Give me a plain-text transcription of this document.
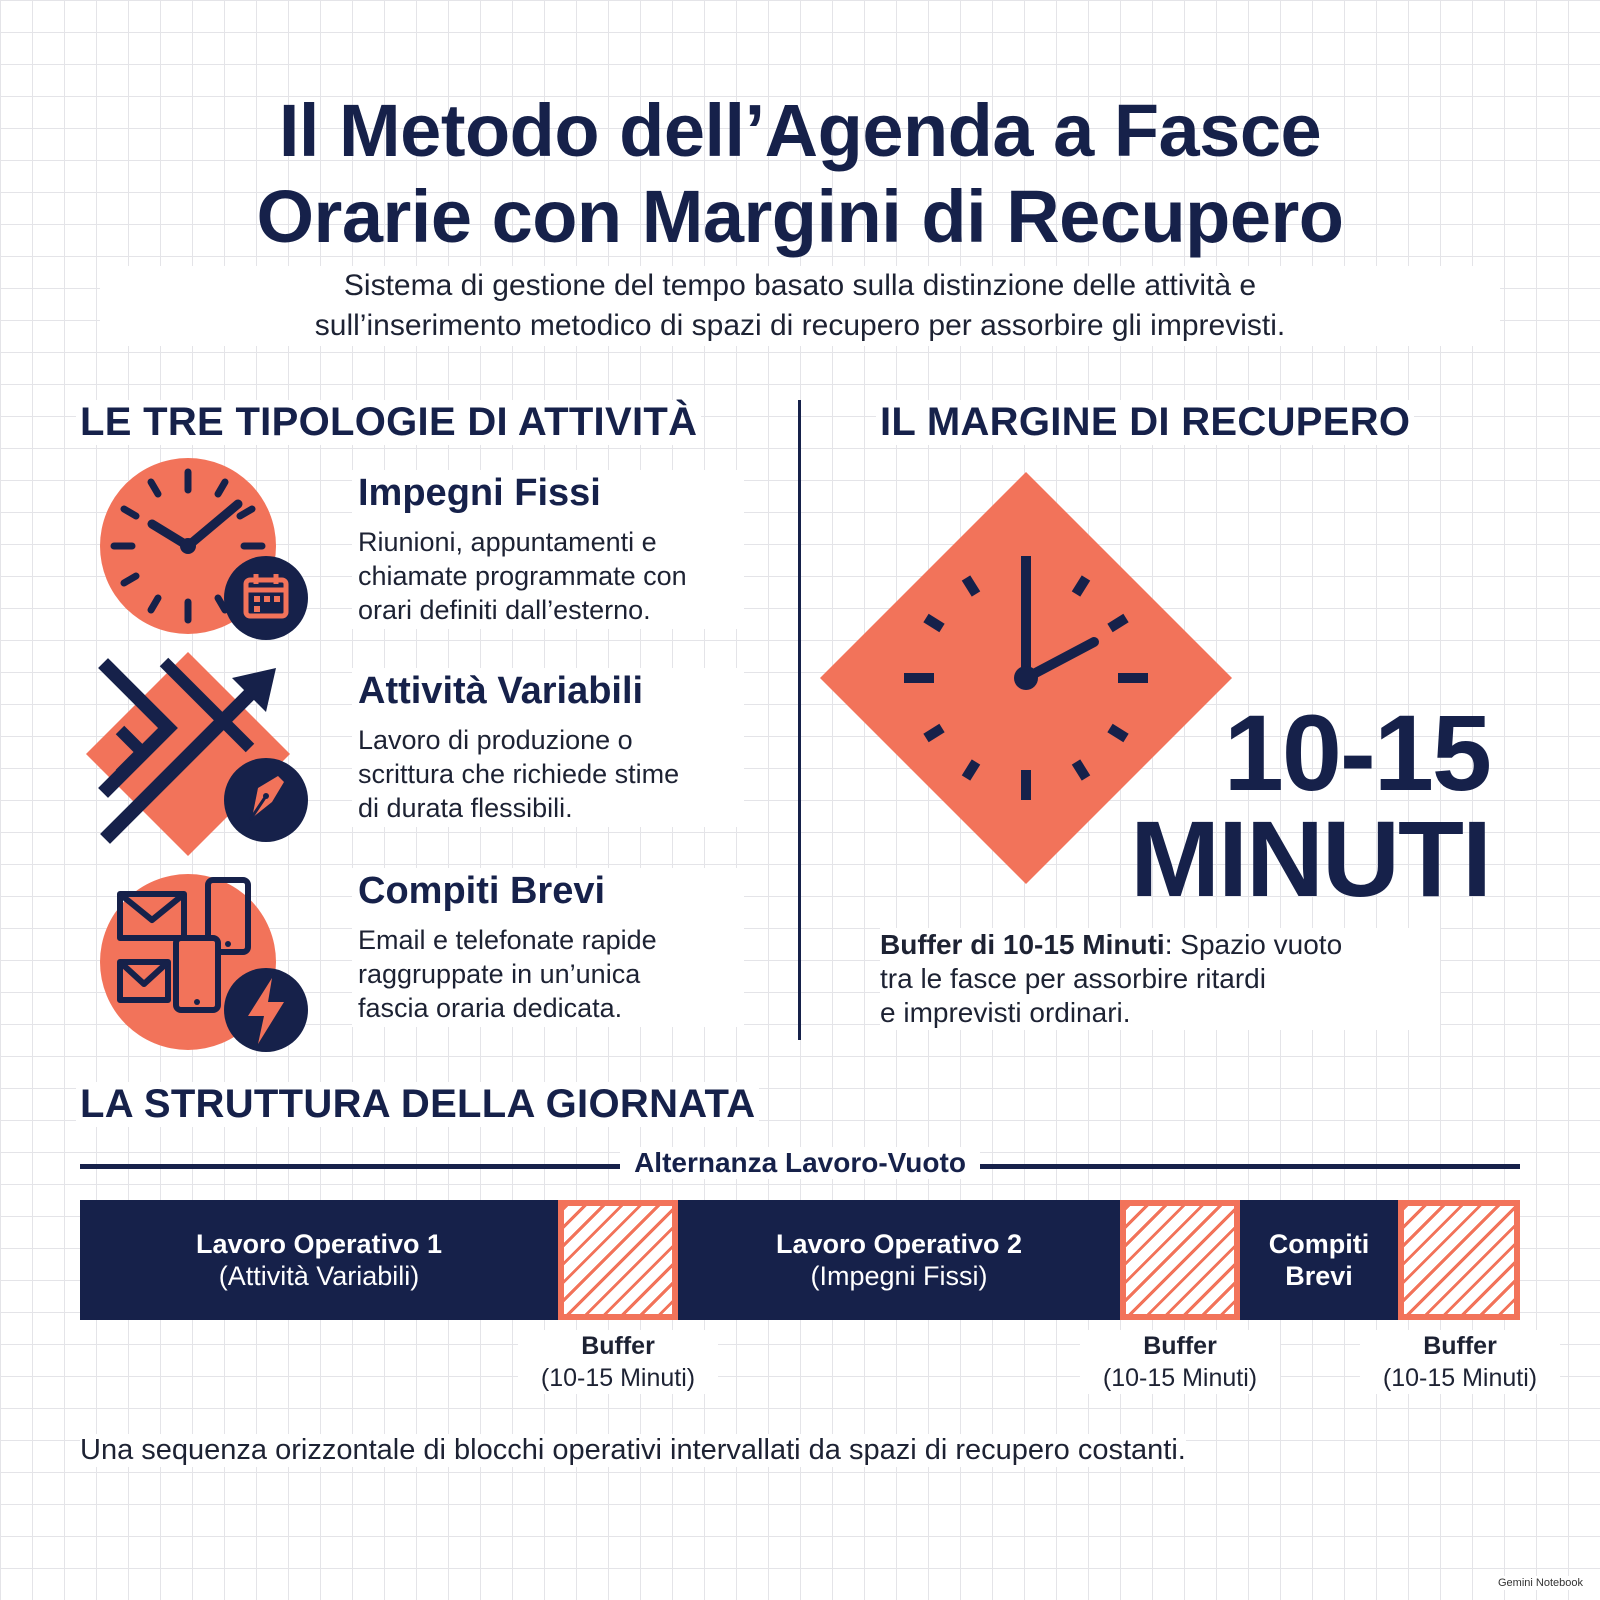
Il Metodo dell’Agenda a Fasce
Orarie con Margini di Recupero
Sistema di gestione del tempo basato sulla distinzione delle attività e
sull’inserimento metodico di spazi di recupero per assorbire gli imprevisti.
LE TRE TIPOLOGIE DI ATTIVITÀ	IL MARGINE DI RECUPERO
Impegni Fissi
Riunioni, appuntamenti e
chiamate programmate con
orari definiti dall’esterno.
Attività Variabili
Lavoro di produzione o
scrittura che richiede stime
di durata flessibili.
Compiti Brevi
Email e telefonate rapide
raggruppate in un’unica
fascia oraria dedicata.
10-15
MINUTI
Buffer di 10-15 Minuti: Spazio vuoto
tra le fasce per assorbire ritardi
e imprevisti ordinari.
LA STRUTTURA DELLA GIORNATA
Alternanza Lavoro-Vuoto
Lavoro Operativo 1
(Attività Variabili)
Lavoro Operativo 2
(Impegni Fissi)
Compiti
Brevi
Buffer
(10-15 Minuti)
Buffer
(10-15 Minuti)
Buffer
(10-15 Minuti)
Una sequenza orizzontale di blocchi operativi intervallati da spazi di recupero costanti.
Gemini Notebook
